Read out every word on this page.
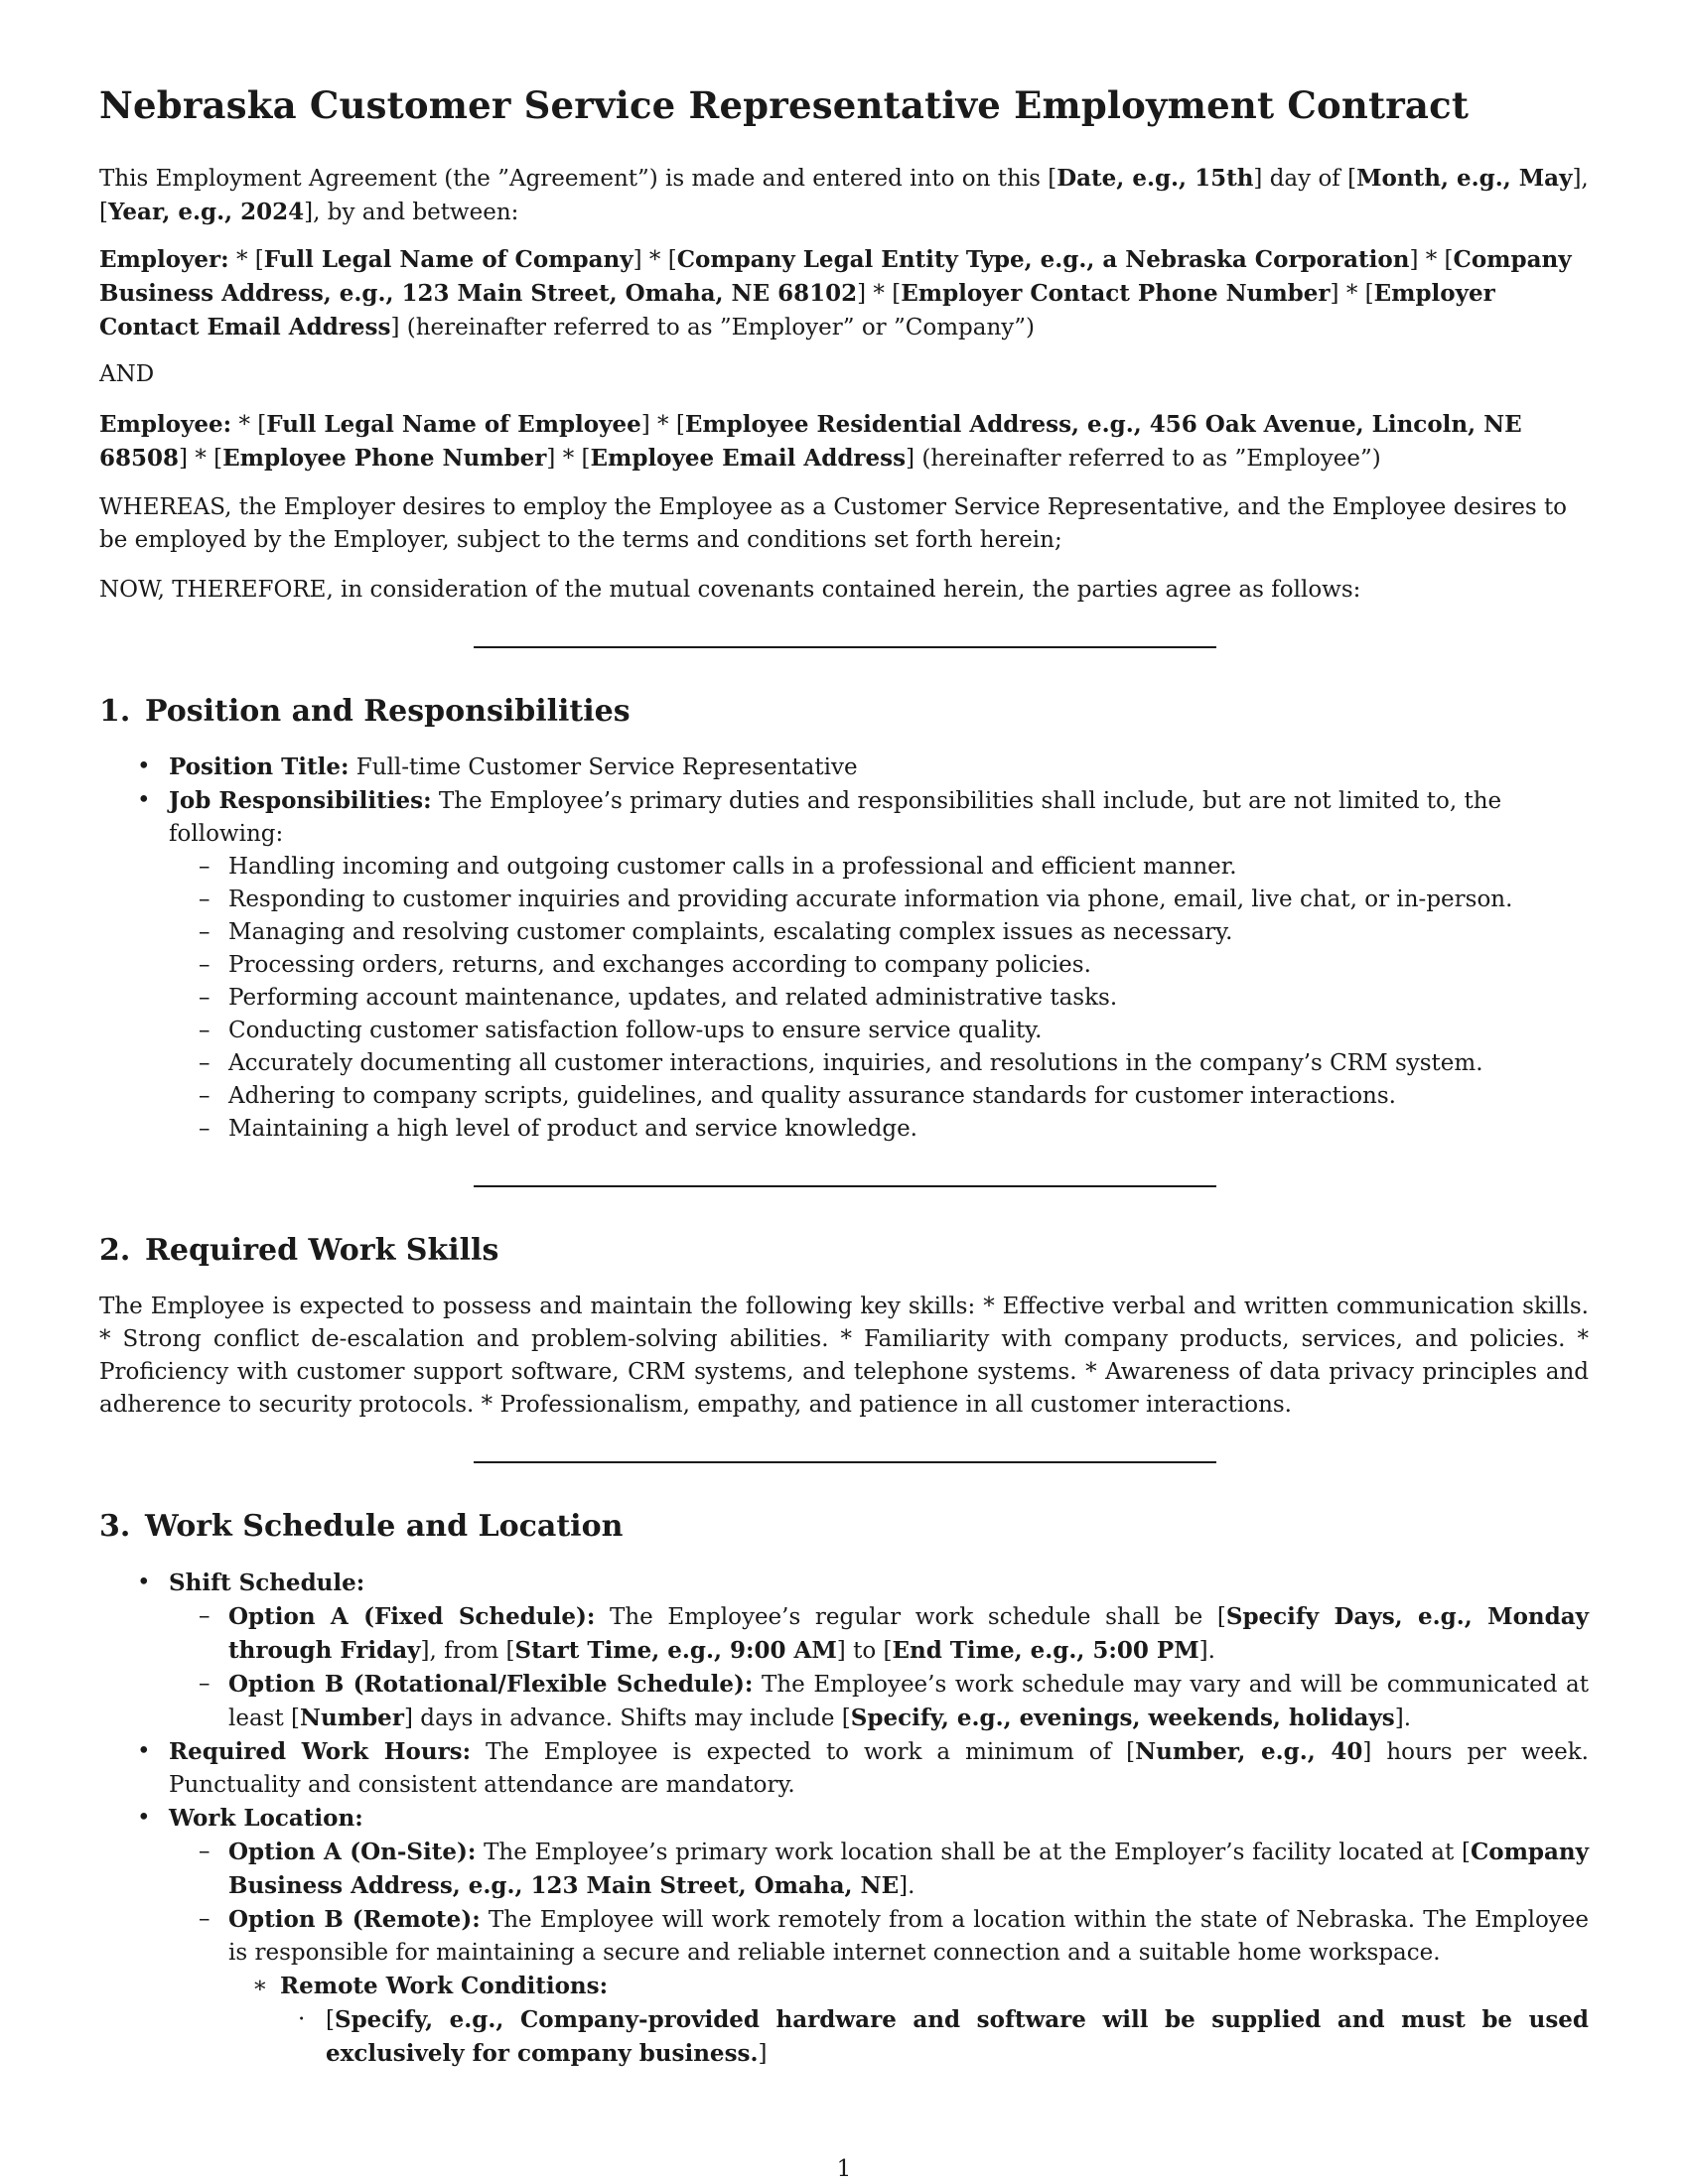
Nebraska Customer Service Representative Employment Contract

This Employment Agreement (the ”Agreement”) is made and entered into on this [Date, e.g., 15th] day of [Month, e.g., May], [Year, e.g., 2024], by and between:

Employer: * [Full Legal Name of Company] * [Company Legal Entity Type, e.g., a Nebraska Corporation] * [Company Business Address, e.g., 123 Main Street, Omaha, NE 68102] * [Employer Contact Phone Number] * [Employer Contact Email Address] (hereinafter referred to as ”Employer” or ”Company”)

AND

Employee: * [Full Legal Name of Employee] * [Employee Residential Address, e.g., 456 Oak Avenue, Lincoln, NE 68508] * [Employee Phone Number] * [Employee Email Address] (hereinafter referred to as ”Employee”)

WHEREAS, the Employer desires to employ the Employee as a Customer Service Representative, and the Employee desires to be employed by the Employer, subject to the terms and conditions set forth herein;

NOW, THEREFORE, in consideration of the mutual covenants contained herein, the parties agree as follows:

1. Position and Responsibilities
• Position Title: Full-time Customer Service Representative
• Job Responsibilities: The Employee’s primary duties and responsibilities shall include, but are not limited to, the following:
– Handling incoming and outgoing customer calls in a professional and efficient manner.
– Responding to customer inquiries and providing accurate information via phone, email, live chat, or in-person.
– Managing and resolving customer complaints, escalating complex issues as necessary.
– Processing orders, returns, and exchanges according to company policies.
– Performing account maintenance, updates, and related administrative tasks.
– Conducting customer satisfaction follow-ups to ensure service quality.
– Accurately documenting all customer interactions, inquiries, and resolutions in the company’s CRM system.
– Adhering to company scripts, guidelines, and quality assurance standards for customer interactions.
– Maintaining a high level of product and service knowledge.
2. Required Work Skills

The Employee is expected to possess and maintain the following key skills: * Effective verbal and written communication skills. * Strong conflict de-escalation and problem-solving abilities. * Familiarity with company products, services, and policies. * Proficiency with customer support software, CRM systems, and telephone systems. * Awareness of data privacy principles and adherence to security protocols. * Professionalism, empathy, and patience in all customer interactions.

3. Work Schedule and Location
• Shift Schedule:
– Option A (Fixed Schedule): The Employee’s regular work schedule shall be [Specify Days, e.g., Monday through Friday], from [Start Time, e.g., 9:00 AM] to [End Time, e.g., 5:00 PM].
– Option B (Rotational/Flexible Schedule): The Employee’s work schedule may vary and will be communicated at least [Number] days in advance. Shifts may include [Specify, e.g., evenings, weekends, holidays].
• Required Work Hours: The Employee is expected to work a minimum of [Number, e.g., 40] hours per week. Punctuality and consistent attendance are mandatory.
• Work Location:
– Option A (On-Site): The Employee’s primary work location shall be at the Employer’s facility located at [Company Business Address, e.g., 123 Main Street, Omaha, NE].
– Option B (Remote): The Employee will work remotely from a location within the state of Nebraska. The Employee is responsible for maintaining a secure and reliable internet connection and a suitable home workspace.
∗ Remote Work Conditions:
· [Specify, e.g., Company-provided hardware and software will be supplied and must be used exclusively for company business.]
1
